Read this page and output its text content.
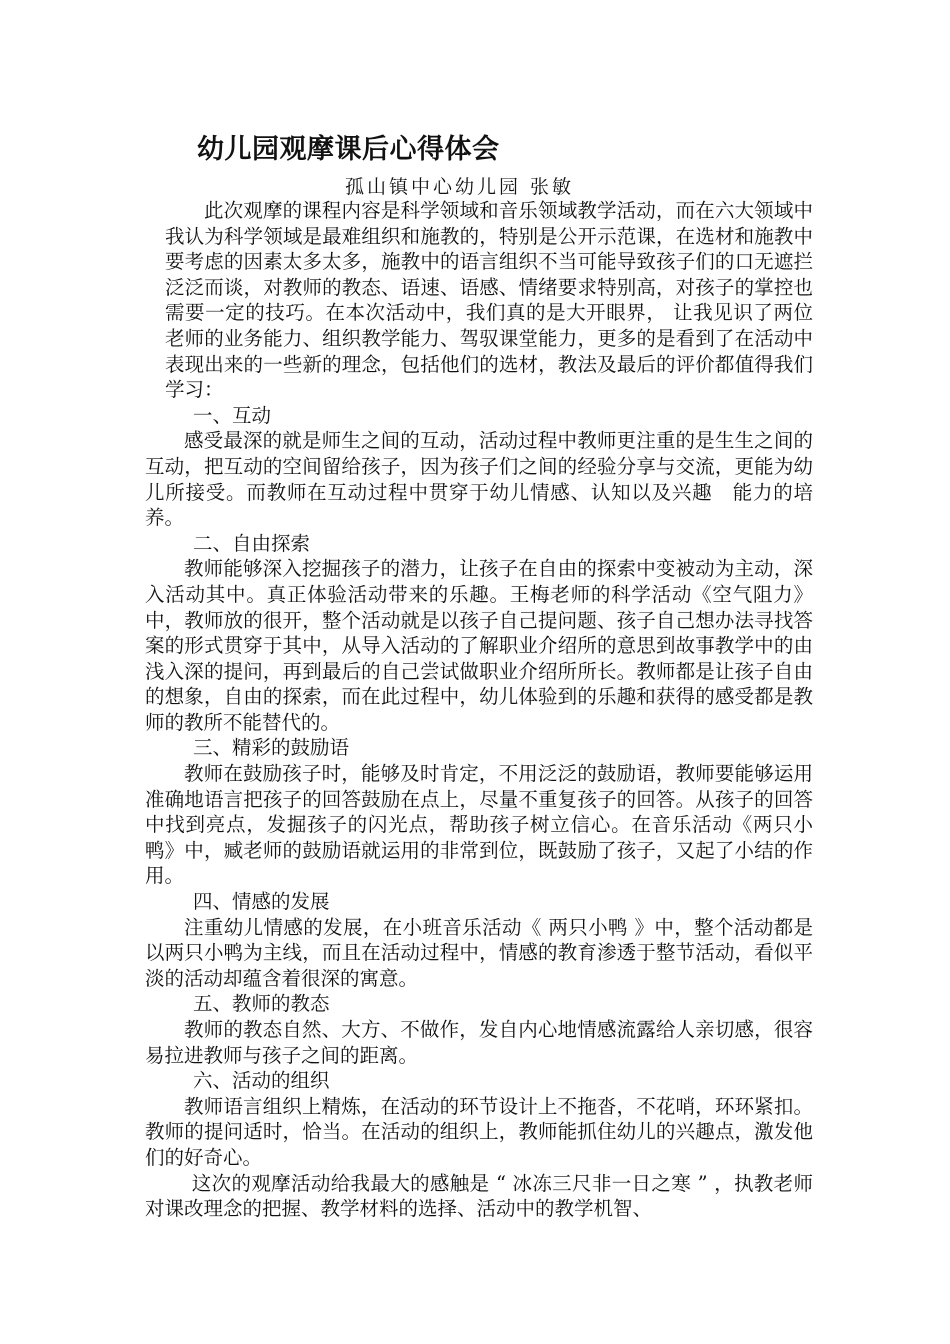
幼儿园观摩课后心得体会

孤山镇中心幼儿园 张敏

此次观摩的课程内容是科学领域和音乐领域教学活动，而在六大领域中我认为科学领域是最难组织和施教的，特别是公开示范课，在选材和施教中要考虑的因素太多太多，施教中的语言组织不当可能导致孩子们的口无遮拦泛泛而谈，对教师的教态、语速、语感、情绪要求特别高，对孩子的掌控也需要一定的技巧。在本次活动中，我们真的是大开眼界， 让我见识了两位老师的业务能力、组织教学能力、驾驭课堂能力，更多的是看到了在活动中表现出来的一些新的理念，包括他们的选材，教法及最后的评价都值得我们学习：

一、互动

感受最深的就是师生之间的互动，活动过程中教师更注重的是生生之间的互动，把互动的空间留给孩子，因为孩子们之间的经验分享与交流，更能为幼儿所接受。而教师在互动过程中贯穿于幼儿情感、认知以及兴趣　能力的培养。

二、自由探索

教师能够深入挖掘孩子的潜力，让孩子在自由的探索中变被动为主动，深入活动其中。真正体验活动带来的乐趣。王梅老师的科学活动《空气阻力》中，教师放的很开，整个活动就是以孩子自己提问题、孩子自己想办法寻找答案的形式贯穿于其中，从导入活动的了解职业介绍所的意思到故事教学中的由浅入深的提问，再到最后的自己尝试做职业介绍所所长。教师都是让孩子自由的想象，自由的探索，而在此过程中，幼儿体验到的乐趣和获得的感受都是教师的教所不能替代的。

三、精彩的鼓励语

教师在鼓励孩子时，能够及时肯定，不用泛泛的鼓励语，教师要能够运用准确地语言把孩子的回答鼓励在点上，尽量不重复孩子的回答。从孩子的回答中找到亮点，发掘孩子的闪光点，帮助孩子树立信心。在音乐活动《两只小鸭》中，臧老师的鼓励语就运用的非常到位，既鼓励了孩子，又起了小结的作用。

四、情感的发展

注重幼儿情感的发展，在小班音乐活动《 两只小鸭 》中，整个活动都是以两只小鸭为主线，而且在活动过程中，情感的教育渗透于整节活动，看似平淡的活动却蕴含着很深的寓意。

五、教师的教态

教师的教态自然、大方、不做作，发自内心地情感流露给人亲切感，很容易拉进教师与孩子之间的距离。

六、活动的组织

教师语言组织上精炼，在活动的环节设计上不拖沓，不花哨，环环紧扣。教师的提问适时，恰当。在活动的组织上，教师能抓住幼儿的兴趣点，激发他们的好奇心。

这次的观摩活动给我最大的感触是 “ 冰冻三尺非一日之寒 ” ，执教老师对课改理念的把握、教学材料的选择、活动中的教学机智、
